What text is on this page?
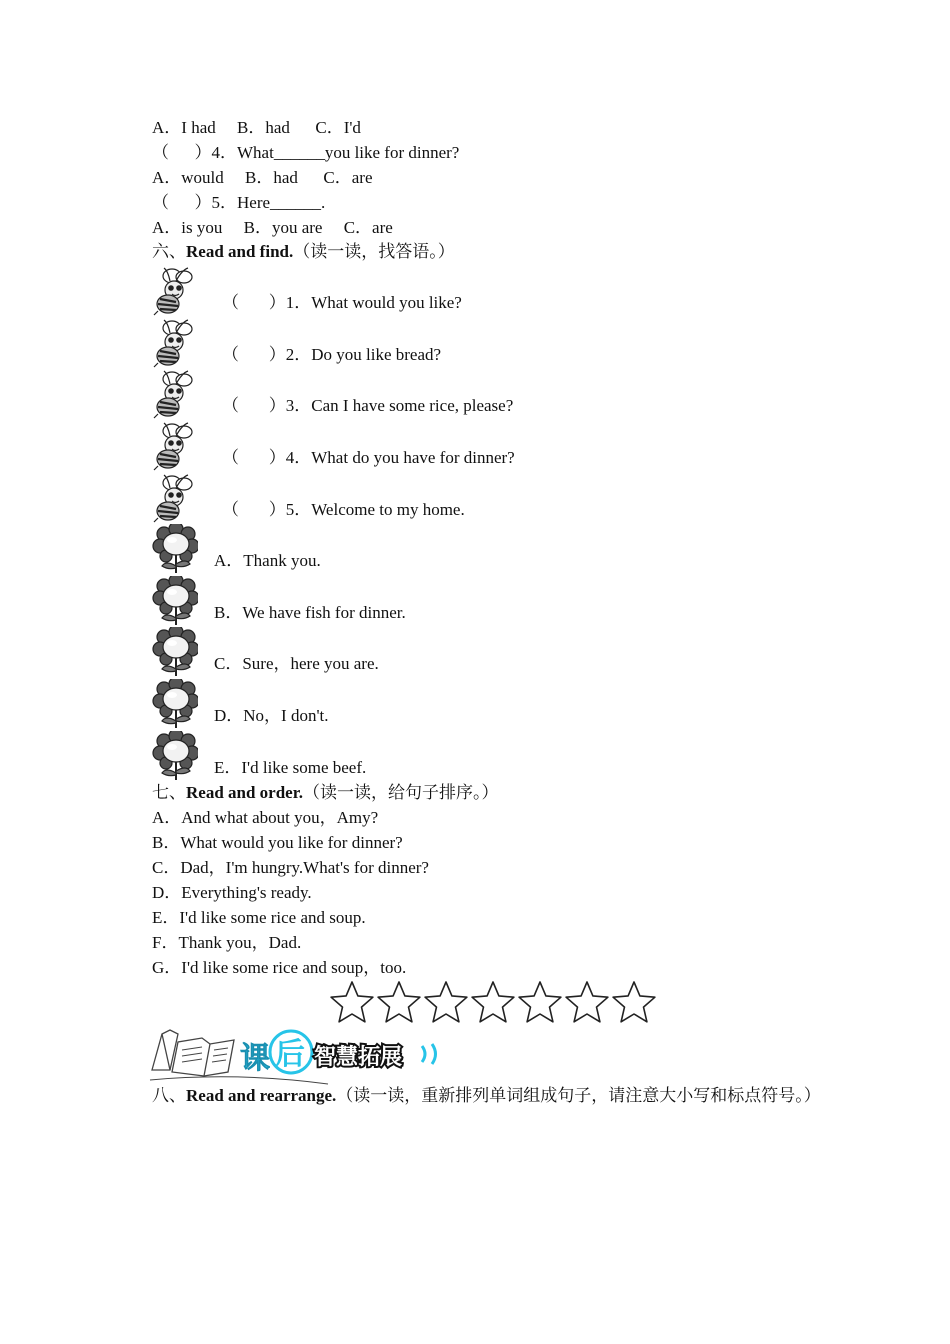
A．I had     B．had      C．I'd
（      ）4．What______you like for dinner?
A．would     B．had      C．are
（      ）5．Here______.
A．is you     B．you are     C．are
六、Read and find.（读一读，找答语。）
（       ）1．What would you like?
（       ）2．Do you like bread?
（       ）3．Can I have some rice, please?
（       ）4．What do you have for dinner?
（       ）5．Welcome to my home.
A．Thank you.
B．We have fish for dinner.
C．Sure，here you are.
D．No，I don't.
E．I'd like some beef.
七、Read and order.（读一读，给句子排序。）
A．And what about you，Amy?
B．What would you like for dinner?
C．Dad，I'm hungry.What's for dinner?
D．Everything's ready.
E．I'd like some rice and soup.
F．Thank you，Dad.
G．I'd like some rice and soup，too.
课 后 智慧拓展
八、Read and rearrange.（读一读，重新排列单词组成句子，请注意大小写和标点符号。）
